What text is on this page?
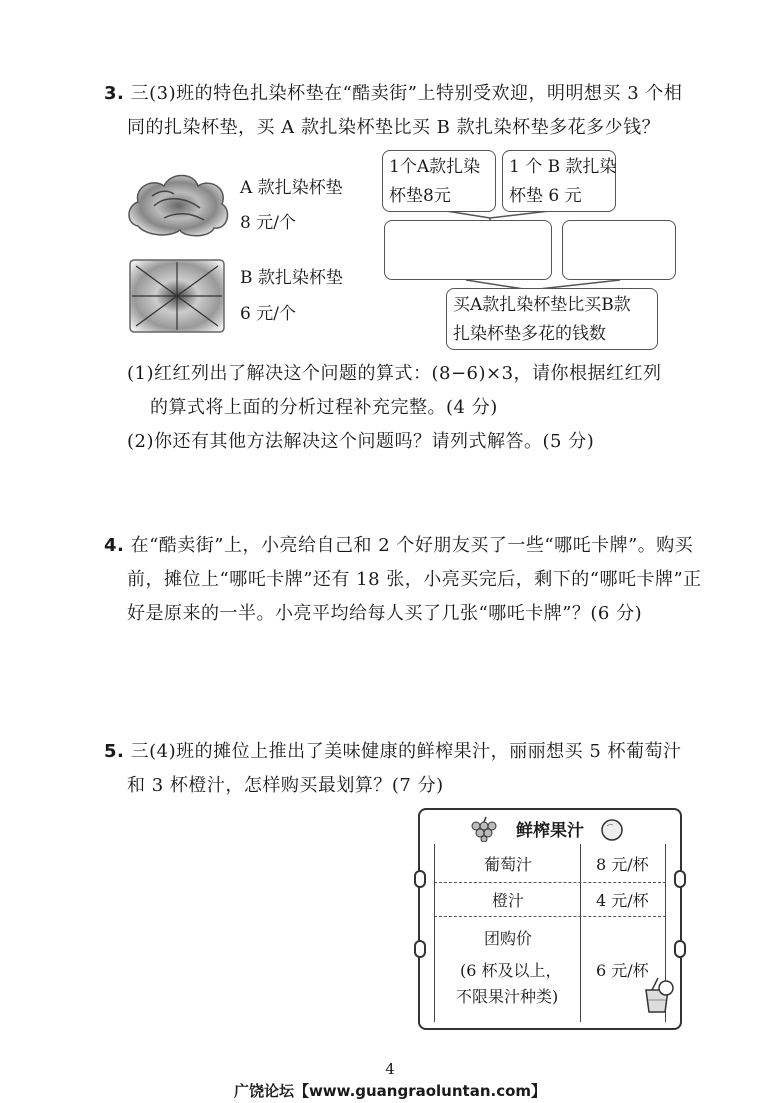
3. 三(3)班的特色扎染杯垫在“酷卖街”上特别受欢迎，明明想买 3 个相
同的扎染杯垫，买 A 款扎染杯垫比买 B 款扎染杯垫多花多少钱？
A 款扎染杯垫
8 元/个
B 款扎染杯垫
6 元/个
1个A款扎染
杯垫8元
1 个 B 款扎染
杯垫 6 元
买A款扎染杯垫比买B款
扎染杯垫多花的钱数
(1)红红列出了解决这个问题的算式：(8−6)×3，请你根据红红列
的算式将上面的分析过程补充完整。(4 分)
(2)你还有其他方法解决这个问题吗？请列式解答。(5 分)
4. 在“酷卖街”上，小亮给自己和 2 个好朋友买了一些“哪吒卡牌”。购买
前，摊位上“哪吒卡牌”还有 18 张，小亮买完后，剩下的“哪吒卡牌”正
好是原来的一半。小亮平均给每人买了几张“哪吒卡牌”？(6 分)
5. 三(4)班的摊位上推出了美味健康的鲜榨果汁，丽丽想买 5 杯葡萄汁
和 3 杯橙汁，怎样购买最划算？(7 分)
鲜榨果汁
葡萄汁	8 元/杯
橙汁	4 元/杯
团购价
(6 杯及以上，
不限果汁种类)
6 元/杯
4
广饶论坛【www.guangraoluntan.com】
